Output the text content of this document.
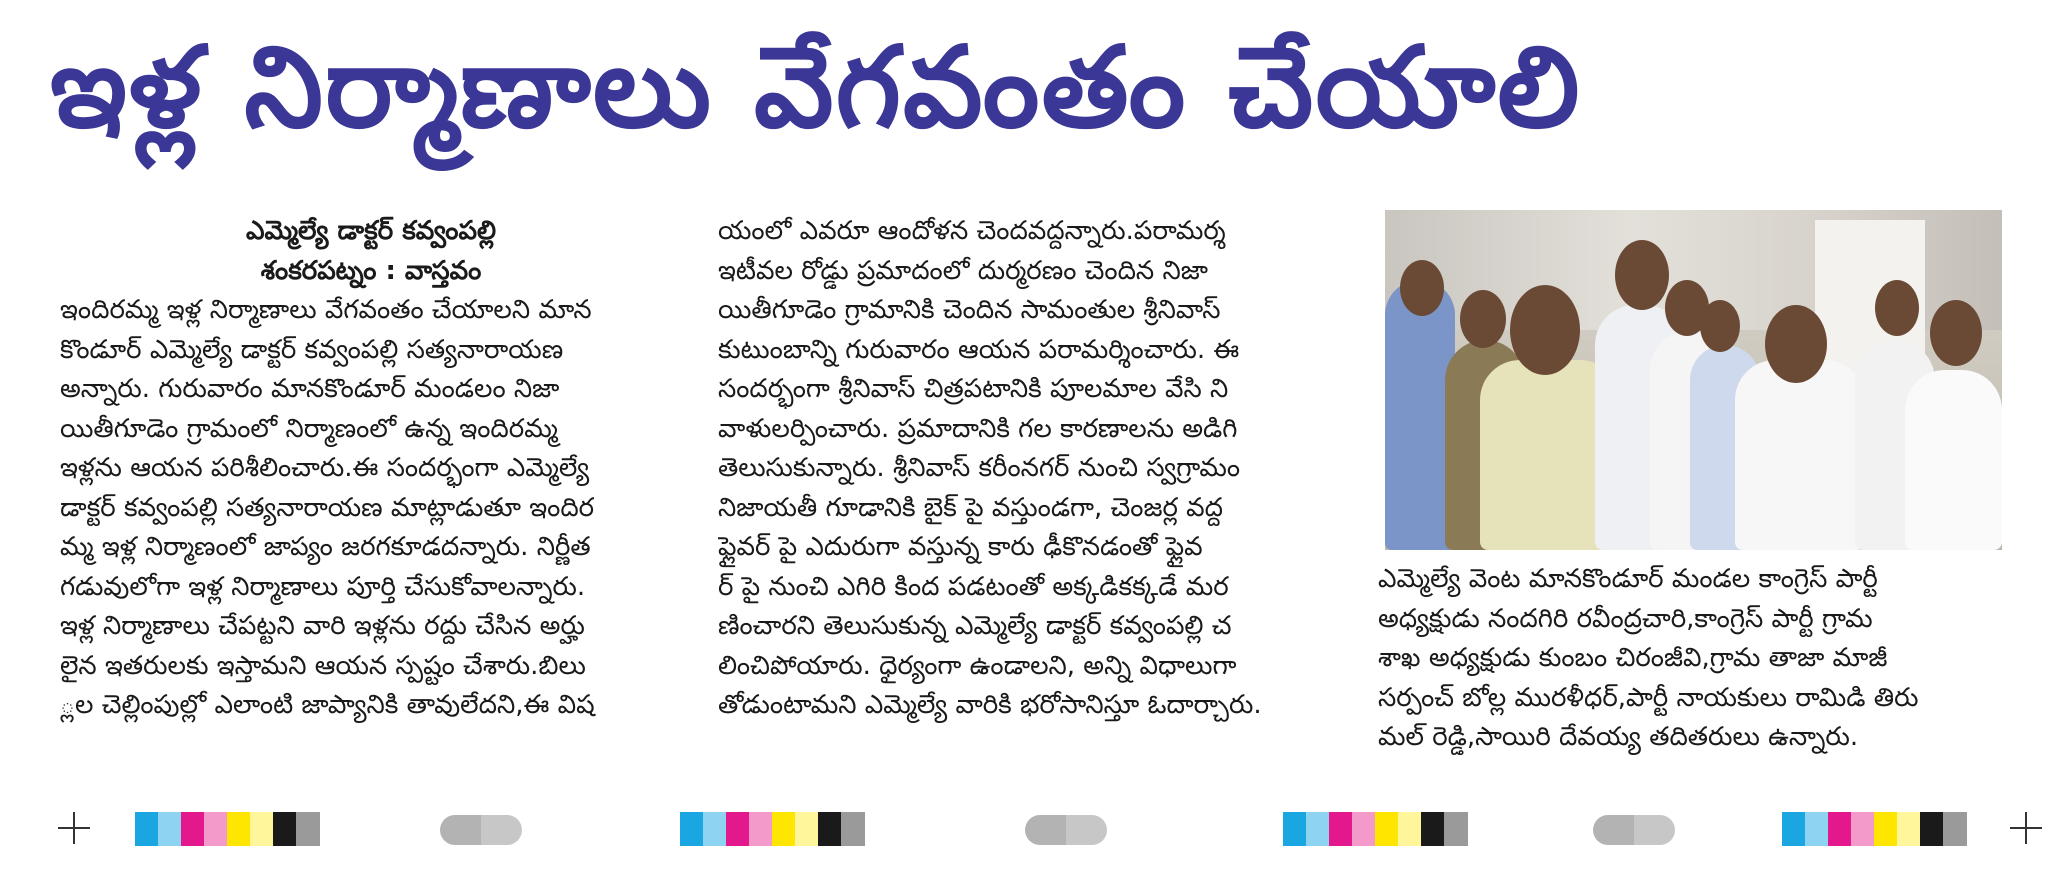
ఇళ్ల నిర్మాణాలు వేగవంతం చేయాలి

ఎమ్మెల్యే డాక్టర్ కవ్వంపల్లి

శంకరపట్నం : వాస్తవం

ఇందిరమ్మ ఇళ్ల నిర్మాణాలు వేగవంతం చేయాలని మాన

కొండూర్ ఎమ్మెల్యే డాక్టర్ కవ్వంపల్లి సత్యనారాయణ

అన్నారు. గురువారం మానకొండూర్ మండలం నిజా

యితీగూడెం గ్రామంలో నిర్మాణంలో ఉన్న ఇందిరమ్మ

ఇళ్లను ఆయన పరిశీలించారు.ఈ సందర్భంగా ఎమ్మెల్యే

డాక్టర్ కవ్వంపల్లి సత్యనారాయణ మాట్లాడుతూ ఇందిర

మ్మ ఇళ్ల నిర్మాణంలో జాప్యం జరగకూడదన్నారు. నిర్ణీత

గడువులోగా ఇళ్ల నిర్మాణాలు పూర్తి చేసుకోవాలన్నారు.

ఇళ్ల నిర్మాణాలు చేపట్టని వారి ఇళ్లను రద్దు చేసిన అర్హు

లైన ఇతరులకు ఇస్తామని ఆయన స్పష్టం చేశారు.బిలు

్లల చెల్లింపుల్లో ఎలాంటి జాప్యానికి తావులేదని,ఈ విష

యంలో ఎవరూ ఆందోళన చెందవద్దన్నారు.పరామర్శ

ఇటీవల రోడ్డు ప్రమాదంలో దుర్మరణం చెందిన నిజా

యితీగూడెం గ్రామానికి చెందిన సామంతుల శ్రీనివాస్

కుటుంబాన్ని గురువారం ఆయన పరామర్శించారు. ఈ

సందర్భంగా శ్రీనివాస్ చిత్రపటానికి పూలమాల వేసి ని

వాళులర్పించారు. ప్రమాదానికి గల కారణాలను అడిగి

తెలుసుకున్నారు. శ్రీనివాస్ కరీంనగర్ నుంచి స్వగ్రామం

నిజాయతీ గూడానికి బైక్ పై వస్తుండగా, చెంజర్ల వద్ద

ఫ్లైవర్ పై ఎదురుగా వస్తున్న కారు ఢీకొనడంతో ఫ్లైవ

ర్ పై నుంచి ఎగిరి కింద పడటంతో అక్కడికక్కడే మర

ణించారని తెలుసుకున్న ఎమ్మెల్యే డాక్టర్ కవ్వంపల్లి చ

లించిపోయారు. ధైర్యంగా ఉండాలని, అన్ని విధాలుగా

తోడుంటామని ఎమ్మెల్యే వారికి భరోసానిస్తూ ఓదార్చారు.

ఎమ్మెల్యే వెంట మానకొండూర్ మండల కాంగ్రెస్ పార్టీ

అధ్యక్షుడు నందగిరి రవీంద్రచారి,కాంగ్రెస్ పార్టీ గ్రామ

శాఖ అధ్యక్షుడు కుంబం చిరంజీవి,గ్రామ తాజా మాజీ

సర్పంచ్ బోల్ల మురళీధర్,పార్టీ నాయకులు రామిడి తిరు

మల్ రెడ్డి,సాయిరి దేవయ్య తదితరులు ఉన్నారు.
